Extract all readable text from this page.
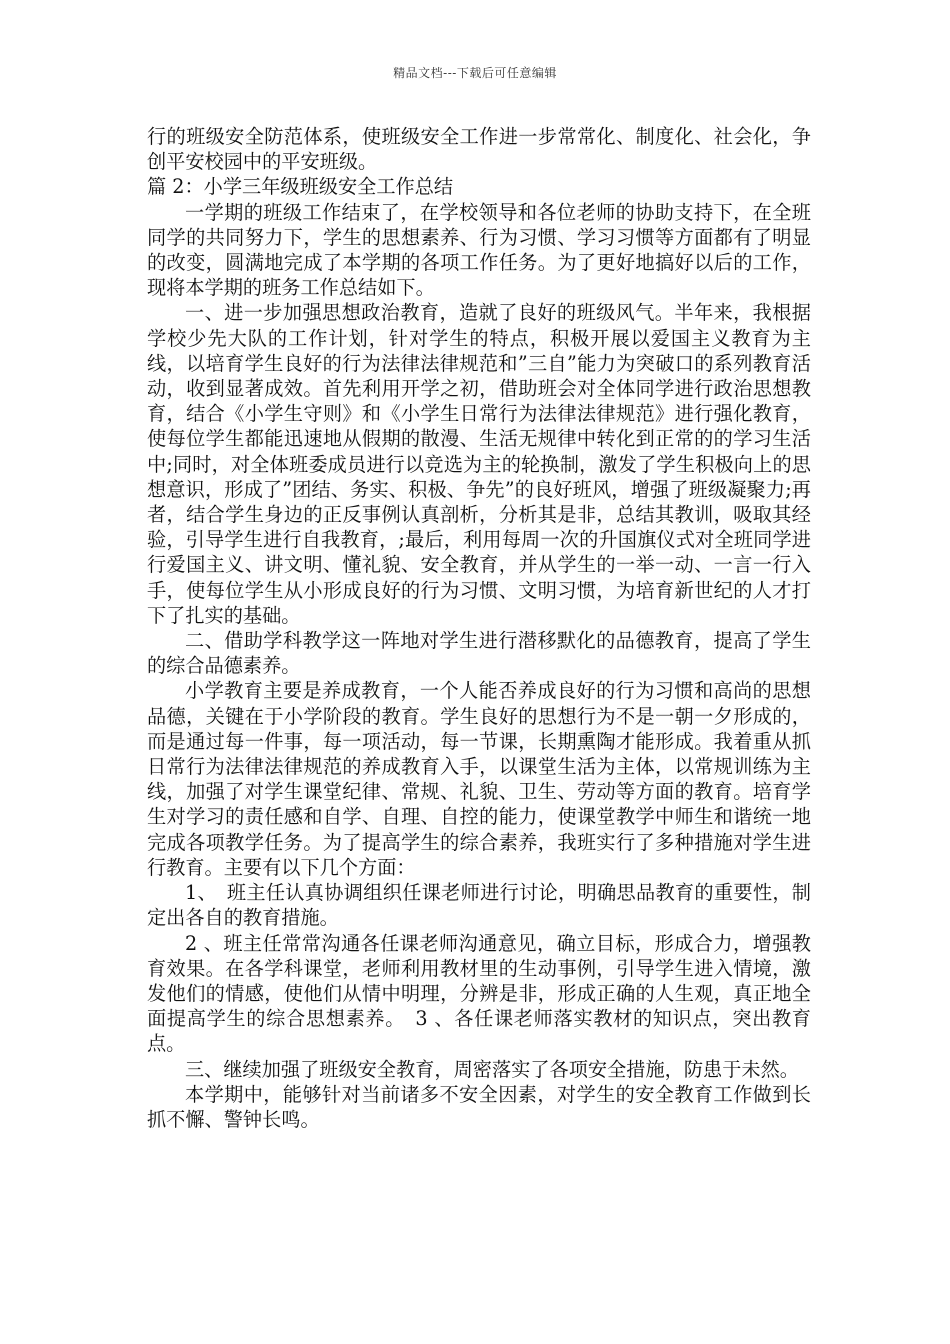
精品文档---下载后可任意编辑

行的班级安全防范体系，使班级安全工作进一步常常化、制度化、社会化，争创平安校园中的平安班级。

篇 2：小学三年级班级安全工作总结

一学期的班级工作结束了，在学校领导和各位老师的协助支持下，在全班同学的共同努力下，学生的思想素养、行为习惯、学习习惯等方面都有了明显的改变，圆满地完成了本学期的各项工作任务。为了更好地搞好以后的工作，现将本学期的班务工作总结如下。

一、进一步加强思想政治教育，造就了良好的班级风气。半年来，我根据学校少先大队的工作计划，针对学生的特点，积极开展以爱国主义教育为主线，以培育学生良好的行为法律法律规范和”三自”能力为突破口的系列教育活动，收到显著成效。首先利用开学之初，借助班会对全体同学进行政治思想教育，结合《小学生守则》和《小学生日常行为法律法律规范》进行强化教育，使每位学生都能迅速地从假期的散漫、生活无规律中转化到正常的的学习生活中;同时，对全体班委成员进行以竞选为主的轮换制，激发了学生积极向上的思想意识，形成了”团结、务实、积极、争先”的良好班风，增强了班级凝聚力;再者，结合学生身边的正反事例认真剖析，分析其是非，总结其教训，吸取其经验，引导学生进行自我教育，;最后，利用每周一次的升国旗仪式对全班同学进行爱国主义、讲文明、懂礼貌、安全教育，并从学生的一举一动、一言一行入手，使每位学生从小形成良好的行为习惯、文明习惯，为培育新世纪的人才打下了扎实的基础。

二、借助学科教学这一阵地对学生进行潜移默化的品德教育，提高了学生的综合品德素养。

小学教育主要是养成教育，一个人能否养成良好的行为习惯和高尚的思想品德，关键在于小学阶段的教育。学生良好的思想行为不是一朝一夕形成的，而是通过每一件事，每一项活动，每一节课，长期熏陶才能形成。我着重从抓日常行为法律法律规范的养成教育入手，以课堂生活为主体，以常规训练为主线，加强了对学生课堂纪律、常规、礼貌、卫生、劳动等方面的教育。培育学生对学习的责任感和自学、自理、自控的能力，使课堂教学中师生和谐统一地完成各项教学任务。为了提高学生的综合素养，我班实行了多种措施对学生进行教育。主要有以下几个方面：

1、　班主任认真协调组织任课老师进行讨论，明确思品教育的重要性，制定出各自的教育措施。

2 、班主任常常沟通各任课老师沟通意见，确立目标，形成合力，增强教育效果。在各学科课堂，老师利用教材里的生动事例，引导学生进入情境，激发他们的情感，使他们从情中明理，分辨是非，形成正确的人生观，真正地全面提高学生的综合思想素养。　3 、各任课老师落实教材的知识点，突出教育点。

三、继续加强了班级安全教育，周密落实了各项安全措施，防患于未然。

本学期中，能够针对当前诸多不安全因素，对学生的安全教育工作做到长抓不懈、警钟长鸣。
